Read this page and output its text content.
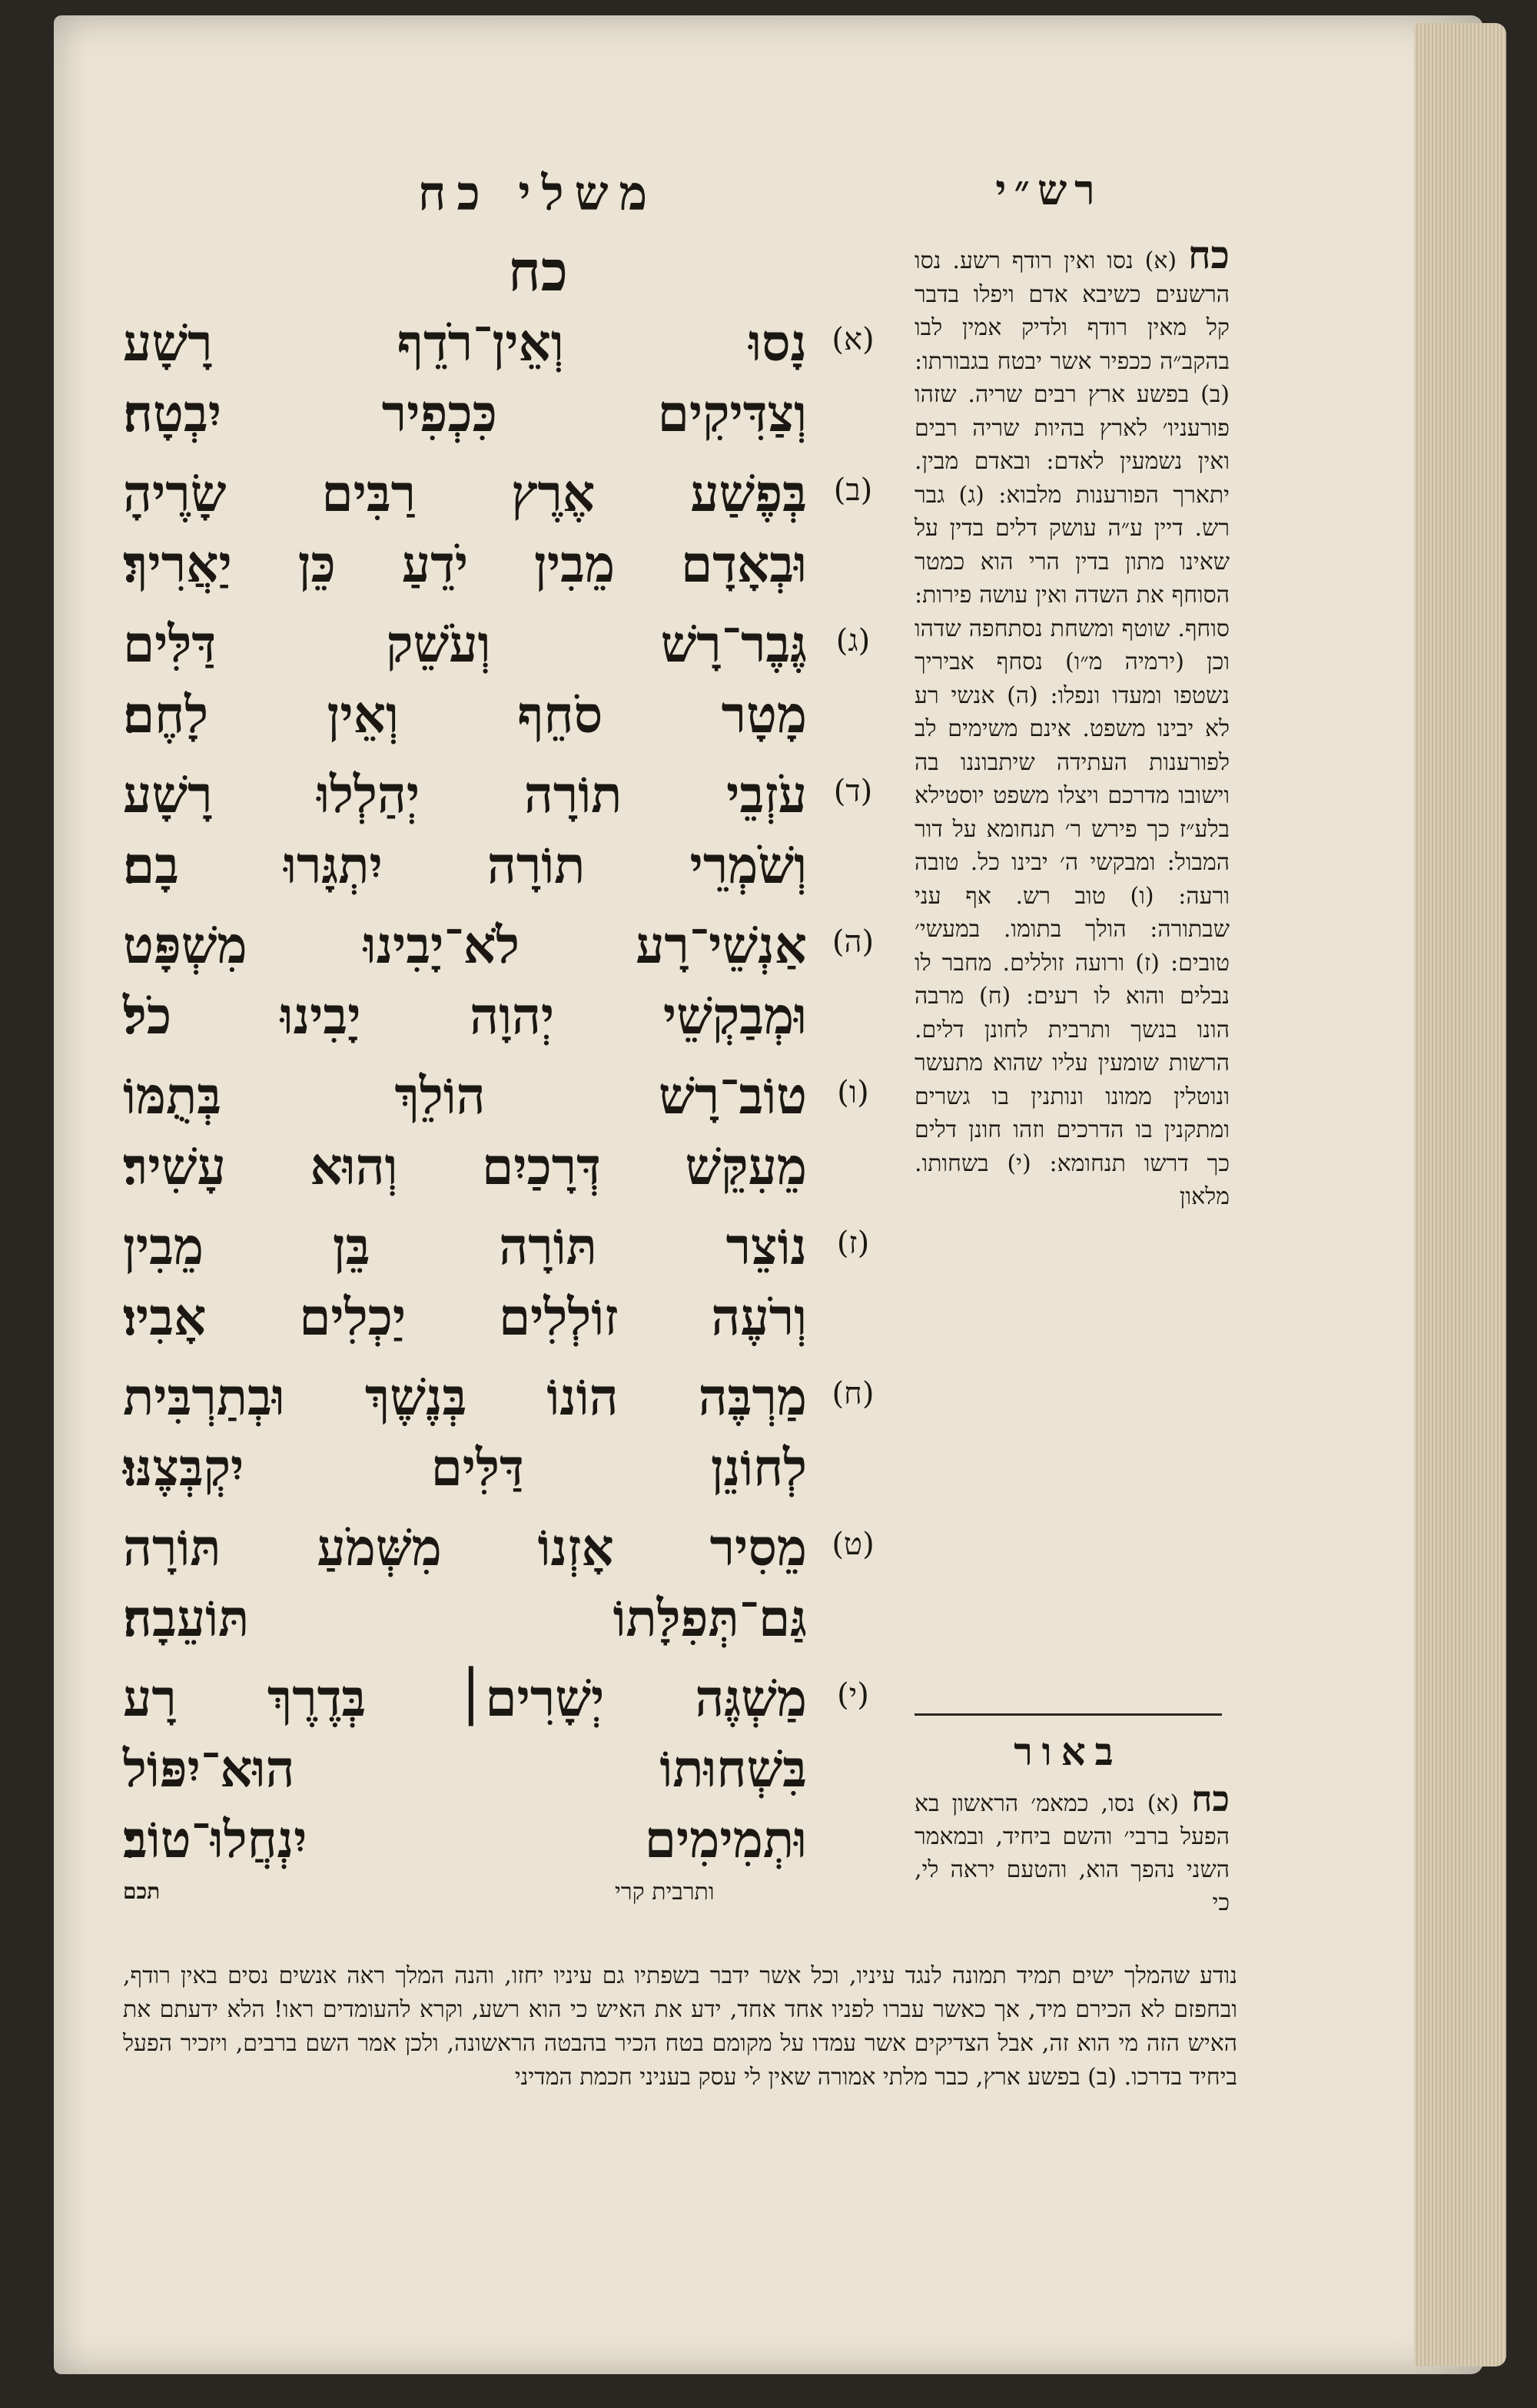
משלי כח	רש״י
כח
(א)
נָסוּ וְאֵין־רֹדֵף רָשָׁע
וְצַדִּיקִים כִּכְפִיר יִבְטָח׃
(ב)
בְּפֶשַׁע אֶרֶץ רַבִּים שָׂרֶיהָ
וּבְאָדָם מֵבִין יֹדֵעַ כֵּן יַאֲרִיךְ׃
(ג)
גֶּבֶר־רָשׁ וְעֹשֵׁק דַּלִּים
מָטָר סֹחֵף וְאֵין לָחֶם׃
(ד)
עֹזְבֵי תוֹרָה יְהַלְלוּ רָשָׁע
וְשֹׁמְרֵי תוֹרָה יִתְגָּרוּ בָם׃
(ה)
אַנְשֵׁי־רָע לֹא־יָבִינוּ מִשְׁפָּט
וּמְבַקְשֵׁי יְהוָה יָבִינוּ כֹל׃
(ו)
טוֹב־רָשׁ הוֹלֵךְ בְּתֻמּוֹ
מֵעִקֵּשׁ דְּרָכַיִם וְהוּא עָשִׁיר׃
(ז)
נוֹצֵר תּוֹרָה בֵּן מֵבִין
וְרֹעֶה זוֹלְלִים יַכְלִים אָבִיו׃
(ח)
מַרְבֶּה הוֹנוֹ בְּנֶשֶׁךְ וּבְתַרְבִּית
לְחוֹנֵן דַּלִּים יִקְבְּצֶנּוּ׃
(ט)
מֵסִיר אָזְנוֹ מִשְּׁמֹעַ תּוֹרָה
גַּם־תְּפִלָּתוֹ תּוֹעֵבָה׃
(י)
מַשְׁגֶּה יְשָׁרִים׀ בְּדֶרֶךְ רָע
בִּשְׁחוּתוֹ הוּא־יִפּוֹל
וּתְמִימִים יִנְחֲלוּ־טוֹב׃
כח (א) נסו ואין רודף רשע. נסו הרשעים כשיבא אדם ויפלו בדבר קל מאין רודף ולדיק אמין לבו בהקב״ה ככפיר אשר יבטח בגבורתו: (ב) בפשע ארץ רבים שריה. שזהו פורעניו׳ לארץ בהיות שריה רבים ואין נשמעין לאדם: ובאדם מבין. יתארך הפורענות מלבוא: (ג) גבר רש. דיין ע״ה עושק דלים בדין על שאינו מתון בדין הרי הוא כמטר הסוחף את השדה ואין עושה פירות: סוחף. שוטף ומשחת נסתחפה שדהו וכן (ירמיה מ״ו) נסחף אביריך נשטפו ומעדו ונפלו: (ה) אנשי רע לא יבינו משפט. אינם משימים לב לפורענות העתידה שיתבוננו בה וישובו מדרכם ויצלו משפט יוסטילא בלע״ז כך פירש ר׳ תנחומא על דור המבול: ומבקשי ה׳ יבינו כל. טובה ורעה: (ו) טוב רש. אף עני שבתורה: הולך בתומו. במעשי׳ טובים: (ז) ורועה זוללים. מחבר לו נבלים והוא לו רעים: (ח) מרבה הונו בנשך ותרבית לחונן דלים. הרשות שומעין עליו שהוא מתעשר ונוטלין ממונו ונותנין בו גשרים ומתקנין בו הדרכים וזהו חונן דלים כך דרשו תנחומא: (י) בשחותו. מלאון
באור
כח (א) נסו, כמאמ׳ הראשון בא הפעל ברבי׳ והשם ביחיד, ובמאמר השני נהפך הוא, והטעם יראה לי, כי
תכם	ותרבית קרי
נודע שהמלך ישים תמיד תמונה לנגד עיניו, וכל אשר ידבר בשפתיו גם עיניו יחזו, והנה המלך ראה אנשים נסים באין רודף, ובחפזם לא הכירם מיד, אך כאשר עברו לפניו אחד אחד, ידע את האיש כי הוא רשע, וקרא להעומדים ראו! הלא ידעתם את האיש הזה מי הוא זה, אבל הצדיקים אשר עמדו על מקומם בטח הכיר בהבטה הראשונה, ולכן אמר השם ברבים, ויזכיר הפעל ביחיד בדרכו. (ב) בפשע ארץ, כבר מלתי אמורה שאין לי עסק בעניני חכמת המדיני
